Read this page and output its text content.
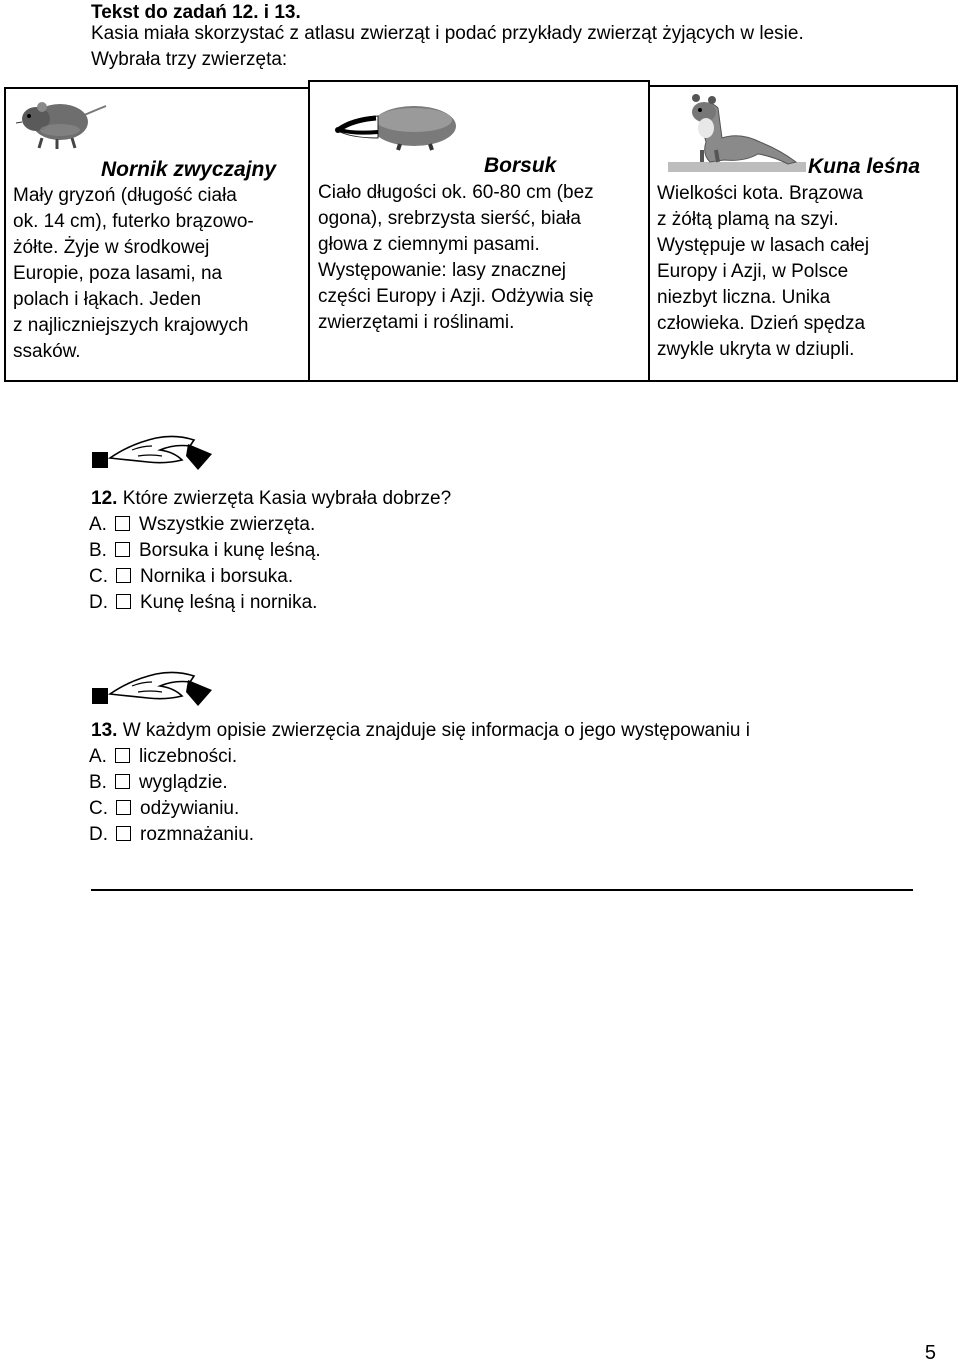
Tekst do zadań 12. i 13.
Kasia miała skorzystać z atlasu zwierząt i podać przykłady zwierząt żyjących w lesie.
Wybrała trzy zwierzęta:
Nornik zwyczajny
Mały gryzoń (długość ciała
ok. 14 cm), futerko brązowo-
żółte. Żyje w środkowej
Europie, poza lasami, na
polach i łąkach. Jeden
z najliczniejszych krajowych
ssaków.
Borsuk
Ciało długości ok. 60-80 cm (bez
ogona), srebrzysta sierść, biała
głowa z ciemnymi pasami.
Występowanie: lasy znacznej
części Europy i Azji. Odżywia się
zwierzętami i roślinami.
Kuna leśna
Wielkości kota. Brązowa
z żółtą plamą na szyi.
Występuje w lasach całej
Europy i Azji, w Polsce
niezbyt liczna. Unika
człowieka. Dzień spędza
zwykle ukryta w dziupli.
12. Które zwierzęta Kasia wybrała dobrze?
A. Wszystkie zwierzęta.
B. Borsuka i kunę leśną.
C. Nornika i borsuka.
D. Kunę leśną i nornika.
13. W każdym opisie zwierzęcia znajduje się informacja o jego występowaniu i
A. liczebności.
B. wyglądzie.
C. odżywianiu.
D. rozmnażaniu.
5
